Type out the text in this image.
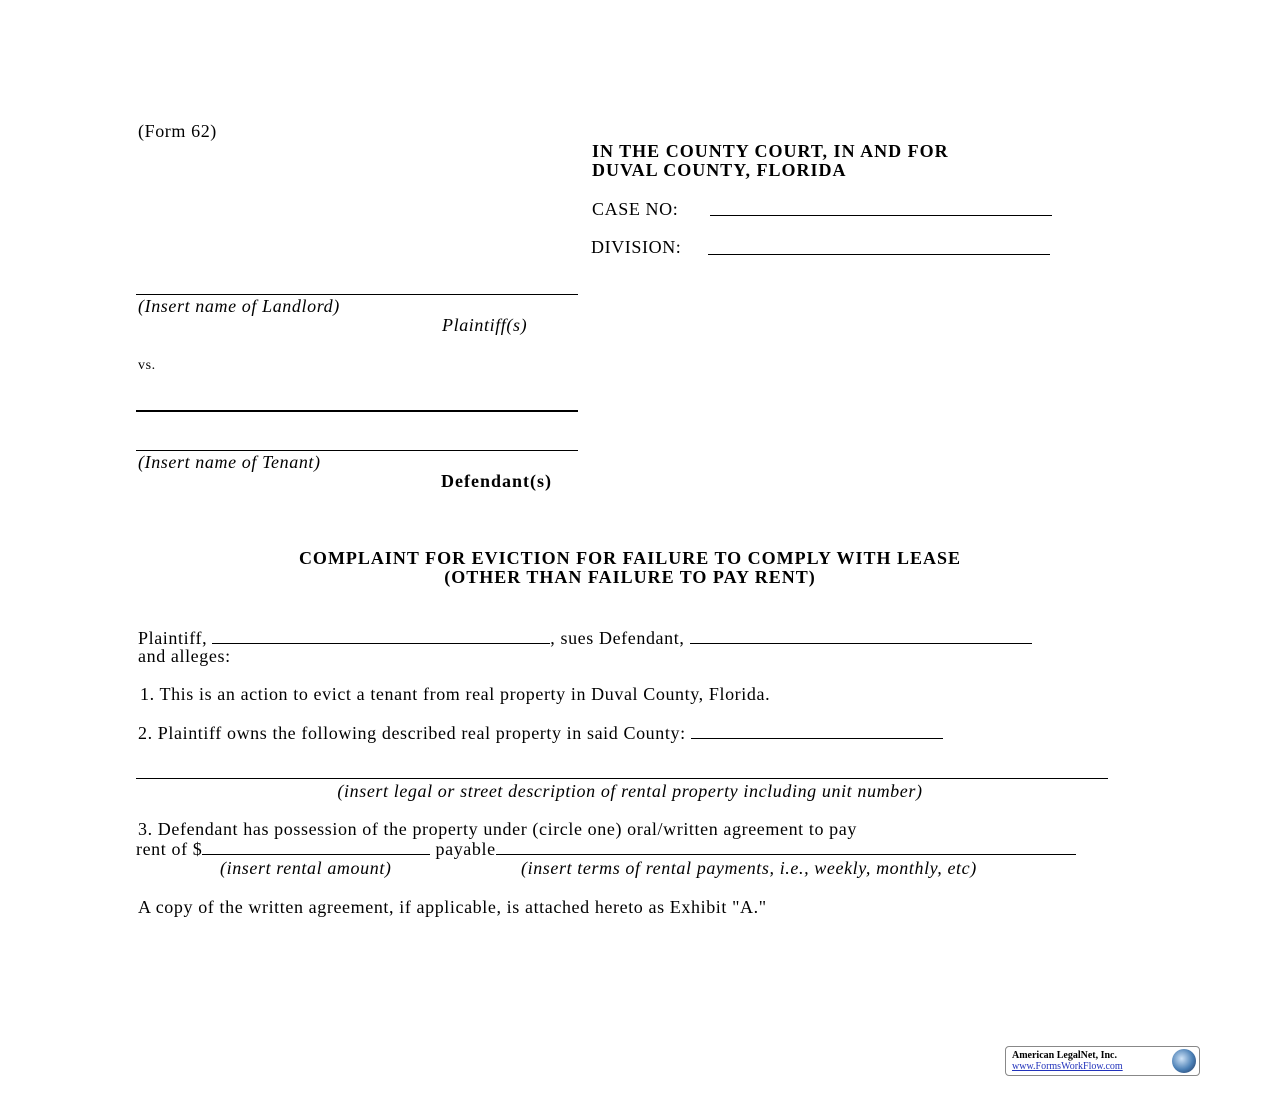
(Form 62)
IN THE COUNTY COURT, IN AND FOR
DUVAL COUNTY, FLORIDA
CASE NO:
DIVISION:
(Insert name of Landlord)
Plaintiff(s)
vs.
(Insert name of Tenant)
Defendant(s)
COMPLAINT FOR EVICTION FOR FAILURE TO COMPLY WITH LEASE
(OTHER THAN FAILURE TO PAY RENT)
Plaintiff,	, sues Defendant,
and alleges:
1. This is an action to evict a tenant from real property in Duval County, Florida.
2. Plaintiff owns the following described real property in said County:
(insert legal or street description of rental property including unit number)
3. Defendant has possession of the property under (circle one) oral/written agreement to pay
rent of $	payable
(insert rental amount)	(insert terms of rental payments, i.e., weekly, monthly, etc)
A copy of the written agreement, if applicable, is attached hereto as Exhibit "A."
American LegalNet, Inc.
www.FormsWorkFlow.com
